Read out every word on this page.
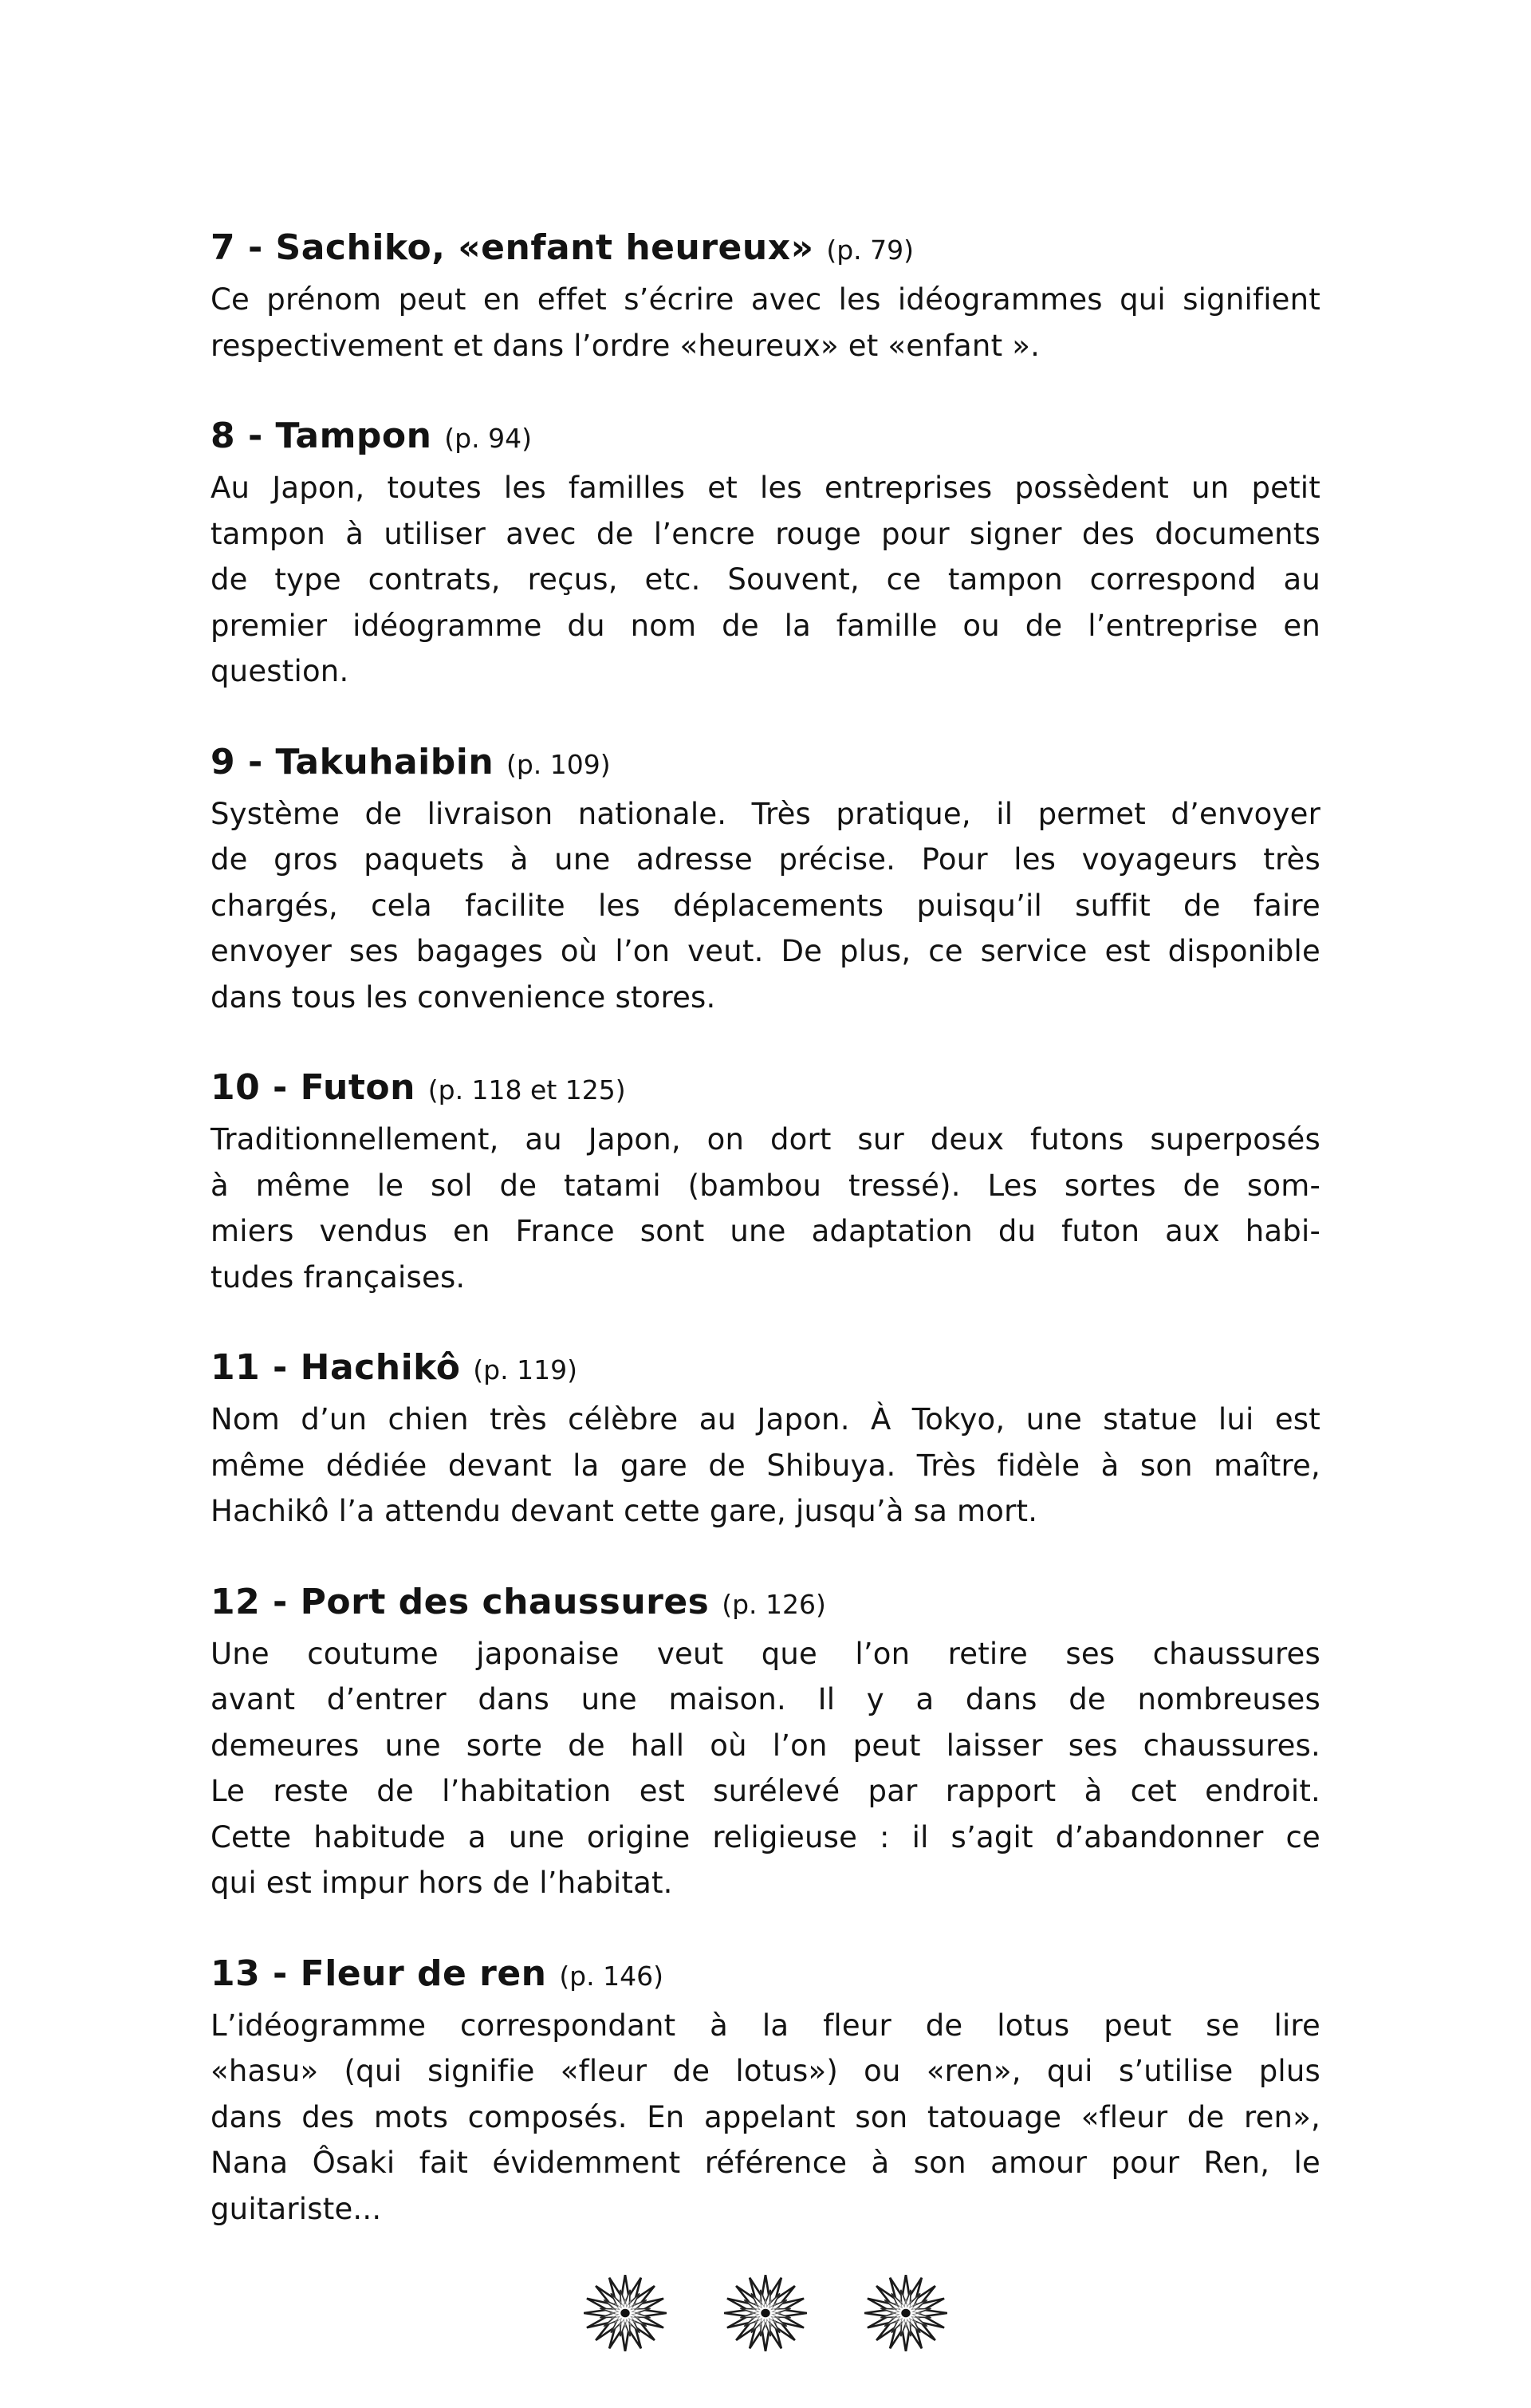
7 - Sachiko, «enfant heureux» (p. 79)

Ce prénom peut en effet s’écrire avec les idéogrammes qui signifient

respectivement et dans l’ordre «heureux» et «enfant ».

8 - Tampon (p. 94)

Au Japon, toutes les familles et les entreprises possèdent un petit

tampon à utiliser avec de l’encre rouge pour signer des documents

de type contrats, reçus, etc. Souvent, ce tampon correspond au

premier idéogramme du nom de la famille ou de l’entreprise en

question.

9 - Takuhaibin (p. 109)

Système de livraison nationale. Très pratique, il permet d’envoyer

de gros paquets à une adresse précise. Pour les voyageurs très

chargés, cela facilite les déplacements puisqu’il suffit de faire

envoyer ses bagages où l’on veut. De plus, ce service est disponible

dans tous les convenience stores.

10 - Futon (p. 118 et 125)

Traditionnellement, au Japon, on dort sur deux futons superposés

à même le sol de tatami (bambou tressé). Les sortes de som-

miers vendus en France sont une adaptation du futon aux habi-

tudes françaises.

11 - Hachikô (p. 119)

Nom d’un chien très célèbre au Japon. À Tokyo, une statue lui est

même dédiée devant la gare de Shibuya. Très fidèle à son maître,

Hachikô l’a attendu devant cette gare, jusqu’à sa mort.

12 - Port des chaussures (p. 126)

Une coutume japonaise veut que l’on retire ses chaussures

avant d’entrer dans une maison. Il y a dans de nombreuses

demeures une sorte de hall où l’on peut laisser ses chaussures.

Le reste de l’habitation est surélevé par rapport à cet endroit.

Cette habitude a une origine religieuse : il s’agit d’abandonner ce

qui est impur hors de l’habitat.

13 - Fleur de ren (p. 146)

L’idéogramme correspondant à la fleur de lotus peut se lire

«hasu» (qui signifie «fleur de lotus») ou «ren», qui s’utilise plus

dans des mots composés. En appelant son tatouage «fleur de ren»,

Nana Ôsaki fait évidemment référence à son amour pour Ren, le

guitariste...
